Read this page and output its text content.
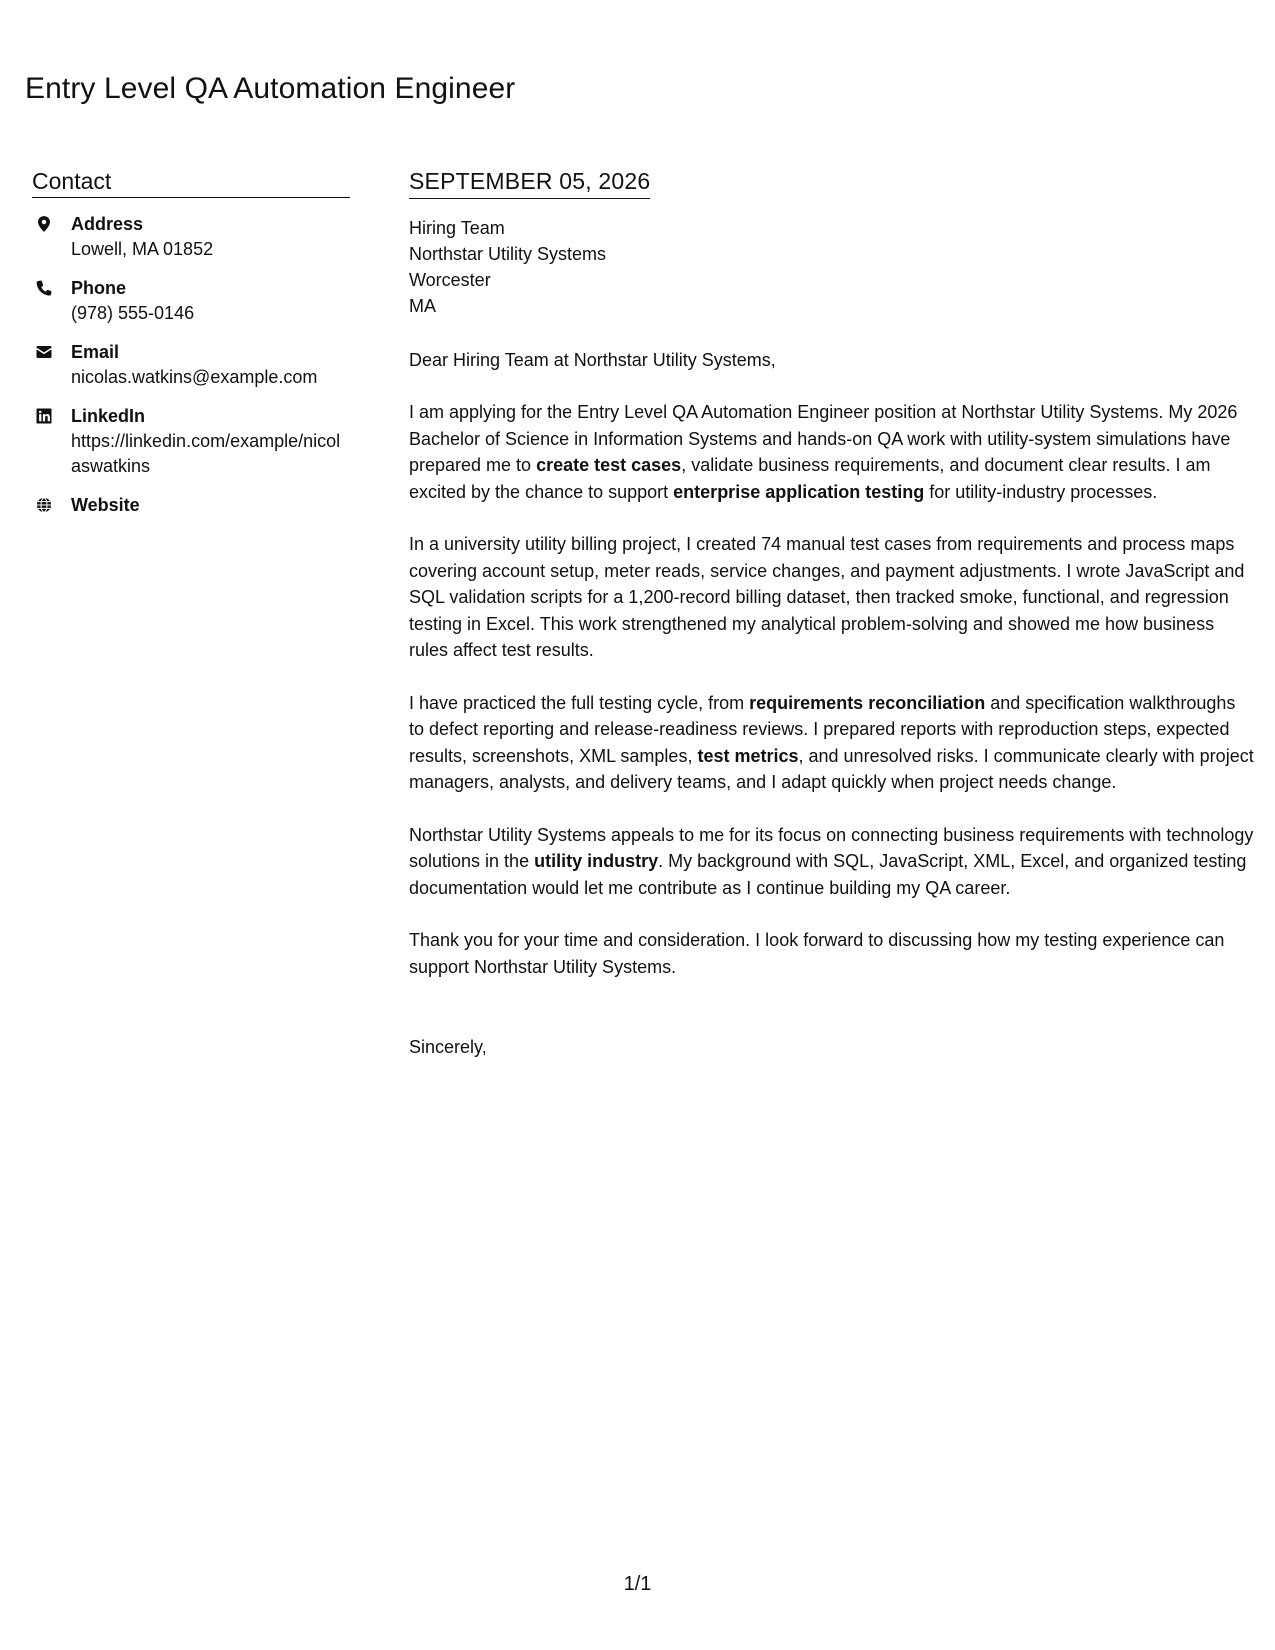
Entry Level QA Automation Engineer
Contact
Address
Lowell, MA 01852
Phone
(978) 555-0146
Email
nicolas.watkins@example.com
LinkedIn
https://linkedin.com/example/nicolaswatkins
Website
SEPTEMBER 05, 2026
Hiring Team
Northstar Utility Systems
Worcester
MA
Dear Hiring Team at Northstar Utility Systems,

I am applying for the Entry Level QA Automation Engineer position at Northstar Utility Systems. My 2026 Bachelor of Science in Information Systems and hands-on QA work with utility-system simulations have prepared me to create test cases, validate business requirements, and document clear results. I am excited by the chance to support enterprise application testing for utility-industry processes.

In a university utility billing project, I created 74 manual test cases from requirements and process maps covering account setup, meter reads, service changes, and payment adjustments. I wrote JavaScript and SQL validation scripts for a 1,200-record billing dataset, then tracked smoke, functional, and regression testing in Excel. This work strengthened my analytical problem-solving and showed me how business rules affect test results.

I have practiced the full testing cycle, from requirements reconciliation and specification walkthroughs to defect reporting and release-readiness reviews. I prepared reports with reproduction steps, expected results, screenshots, XML samples, test metrics, and unresolved risks. I communicate clearly with project managers, analysts, and delivery teams, and I adapt quickly when project needs change.

Northstar Utility Systems appeals to me for its focus on connecting business requirements with technology solutions in the utility industry. My background with SQL, JavaScript, XML, Excel, and organized testing documentation would let me contribute as I continue building my QA career.

Thank you for your time and consideration. I look forward to discussing how my testing experience can support Northstar Utility Systems.

Sincerely,
1/1
